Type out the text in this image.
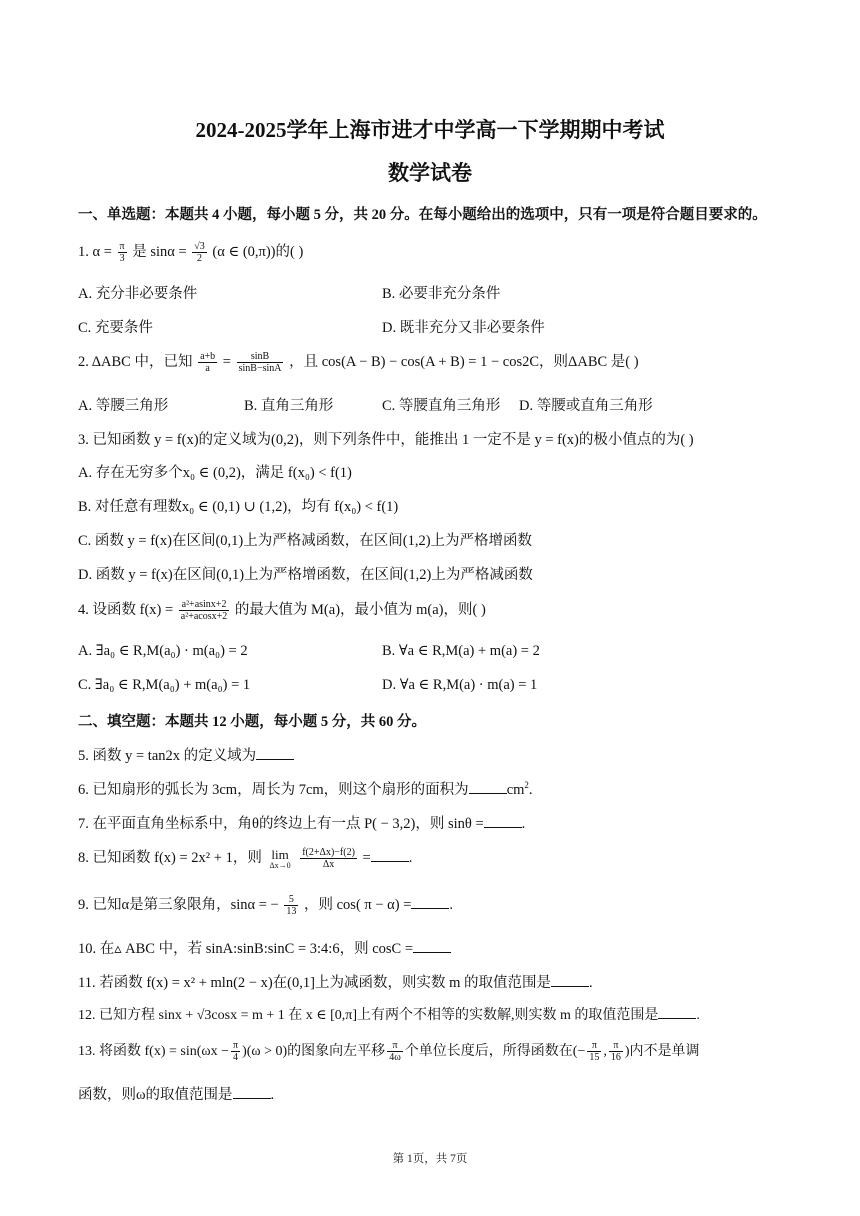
2024-2025学年上海市进才中学高一下学期期中考试
数学试卷
一、单选题：本题共 4 小题，每小题 5 分，共 20 分。在每小题给出的选项中，只有一项是符合题目要求的。
1. $\alpha = \frac{\pi}{3}$ 是 $\sin\alpha = \frac{√3}{2} (\alpha$ ∈ (0,π))的( )
A. 充分非必要条件	B. 必要非充分条件
C. 充要条件	D. 既非充分又非必要条件
2. ΔABC 中，已知 $\frac{a+b}{a} = \frac{\sin B}{\sin B-\sin A}$ ，且 cos(A − B) − cos(A + B) = 1 − cos2C，则ΔABC 是( )
A. 等腰三角形	B. 直角三角形	C. 等腰直角三角形 D. 等腰或直角三角形
3. 已知函数 y = f(x)的定义域为(0,2)，则下列条件中，能推出 1 一定不是 y = f(x)的极小值点的为( )
A. 存在无穷多个x₀ ∈ (0,2)，满足 f(x₀) < f(1)
B. 对任意有理数x₀ ∈ (0,1) ∪ (1,2)，均有 f(x₀) < f(1)
C. 函数 y = f(x)在区间(0,1)上为严格减函数，在区间(1,2)上为严格增函数
D. 函数 y = f(x)在区间(0,1)上为严格增函数，在区间(1,2)上为严格减函数
4. 设函数 $f(x) = \frac{\text{a²+asinx+2}}{\text{a²+acosx+2}}$ 的最大值为 M(a)，最小值为 m(a)，则( )
A. ∃a₀ ∈ R,M(a₀) · m(a₀) = 2	B. ∀a ∈ R,M(a) + m(a) = 2
C. ∃a₀ ∈ R,M(a₀) + m(a₀) = 1	D. ∀a ∈ R,M(a) · m(a) = 1
二、填空题：本题共 12 小题，每小题 5 分，共 60 分。
5. 函数 y = tan2x 的定义域为
6. 已知扇形的弧长为 3cm，周长为 7cm，则这个扇形的面积为	$cm^2$.
7. 在平面直角坐标系中，角θ的终边上有一点 P( − 3,2)，则 sinθ =	.
8. 已知函数 f(x) = 2x² + 1，则 lim
Δx→0
$\frac{f(2+\Delta x)-f(2)}{\Delta x}$ =	.
9. 已知α是第三象限角，sinα = − $\frac{5}{13}$ ，则 cos( π − α) =	.
10. 在▵ ABC 中，若 sinA:sinB:sinC = 3:4:6，则 cosC =
11. 若函数 f(x) = x² + mln(2 − x)在(0,1]上为减函数，则实数 m 的取值范围是	.
12. 已知方程 sinx + √3cosx = m + 1 在 x ∈ [0,π]上有两个不相等的实数解,则实数 m 的取值范围是	.
13. 将函数 $f(x) = \sin(\omega x - \frac{\pi}{4} )(\omega > 0)$的图象向左平移 $\frac{\pi}{4\omega}$ 个单位长度后，所得函数在(− $\frac{\pi}{15}$ , $\frac{\pi}{16}$ )内不是单调
函数，则ω的取值范围是	.
第 1页，共 7页
